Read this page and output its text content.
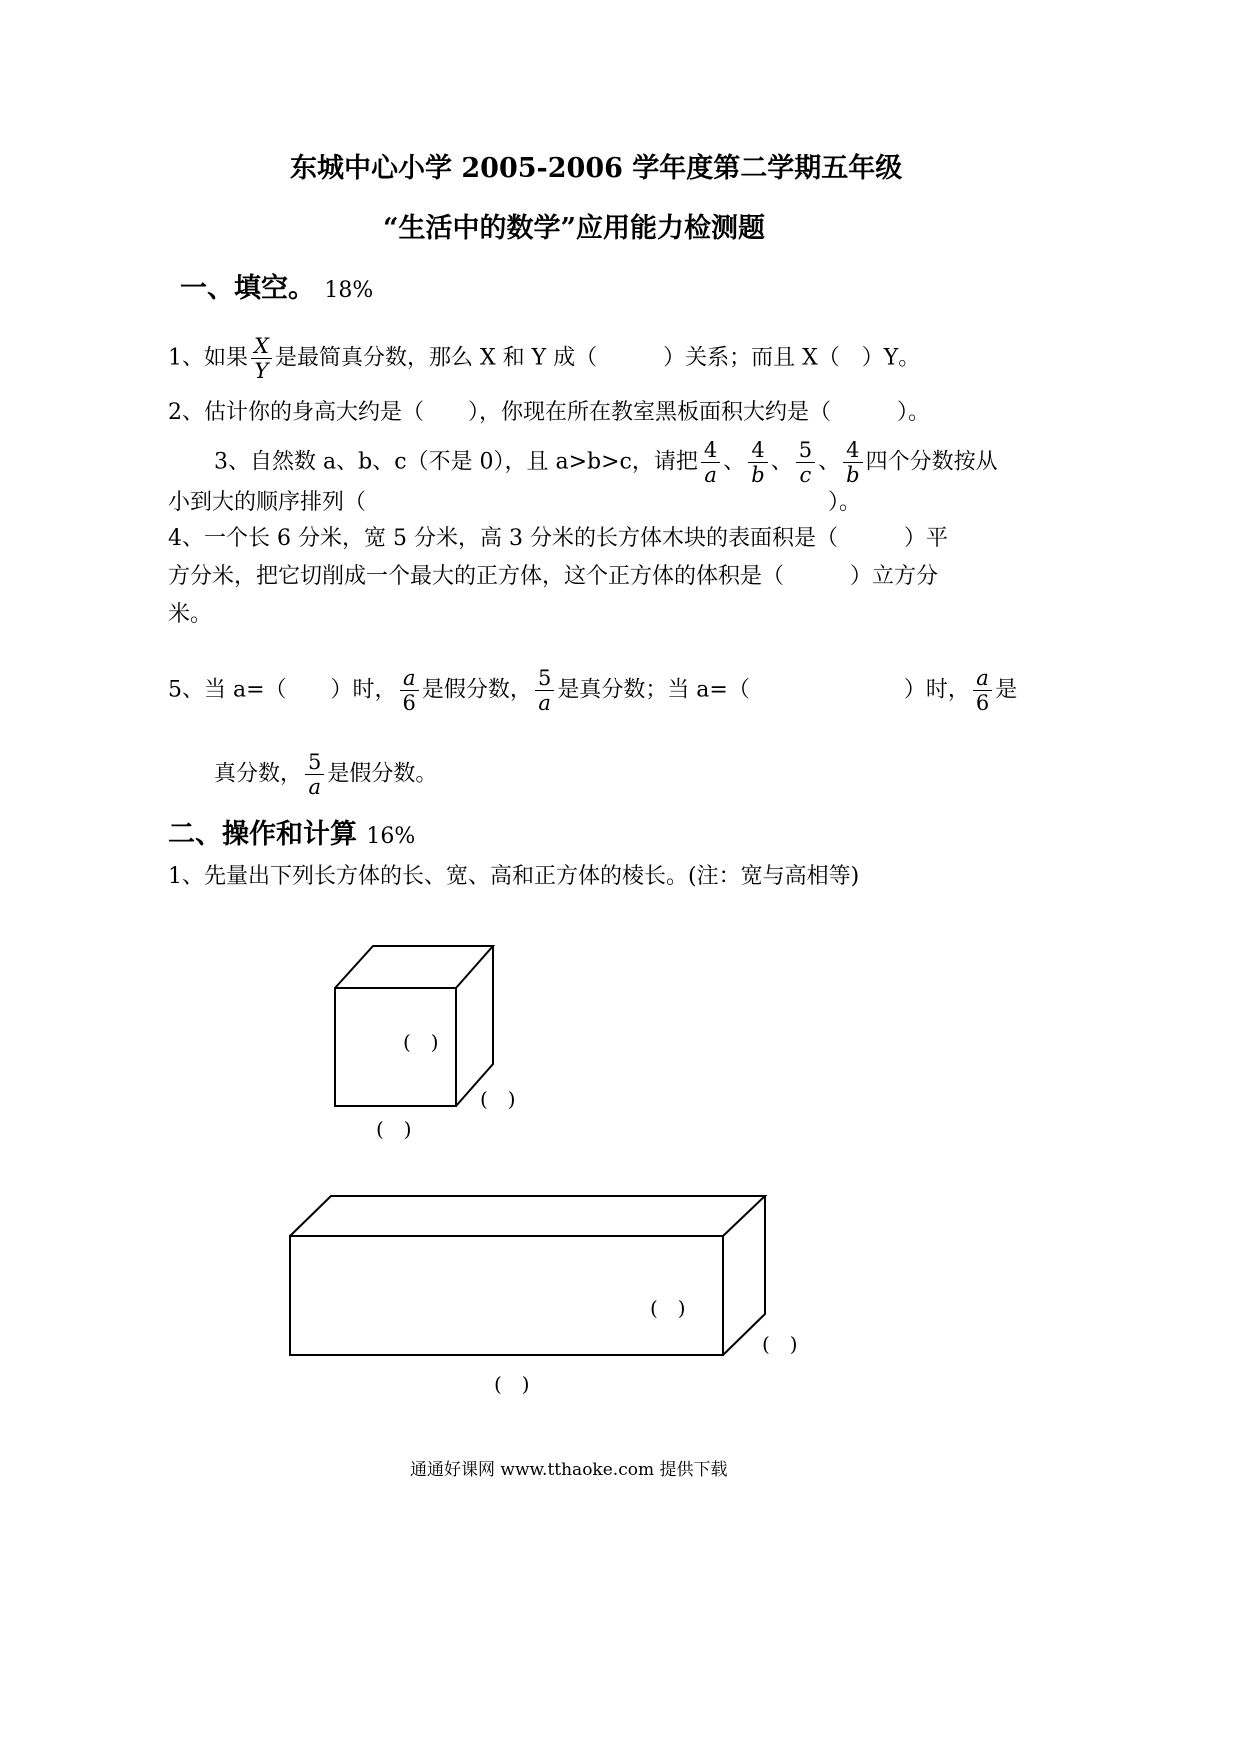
东城中心小学 2005-2006 学年度第二学期五年级
“生活中的数学”应用能力检测题
一、填空。 18%
1、如果 $\frac{X}{Y}$ 是最简真分数，那么 X 和 Y 成（　　　）关系；而且 X（　）Y。
2、估计你的身高大约是（　　），你现在所在教室黑板面积大约是（　　　）。
3、自然数 a、b、c（不是 0），且 a>b>c，请把 $\frac{4}{a}$ 、 $\frac{4}{b}$ 、 $\frac{5}{c}$ 、 $\frac{4}{b}$ 四个分数按从
小到大的顺序排列（　　　　　　　　　　　　　　　　　　　　　）。
4、一个长 6 分米，宽 5 分米，高 3 分米的长方体木块的表面积是（　　　）平
方分米，把它切削成一个最大的正方体，这个正方体的体积是（　　　）立方分
米。
5、当 a=（　　）时， $\frac{a}{6}$ 是假分数， $\frac{5}{a}$ 是真分数；当 a=（　　　　　　　）时， $\frac{a}{6}$ 是
真分数， $\frac{5}{a}$ 是假分数。
二、操作和计算 16%
1、先量出下列长方体的长、宽、高和正方体的棱长。(注：宽与高相等)
(　)
(　)
(　)
(　)
(　)
(　)
通通好课网 www.tthaoke.com 提供下载
